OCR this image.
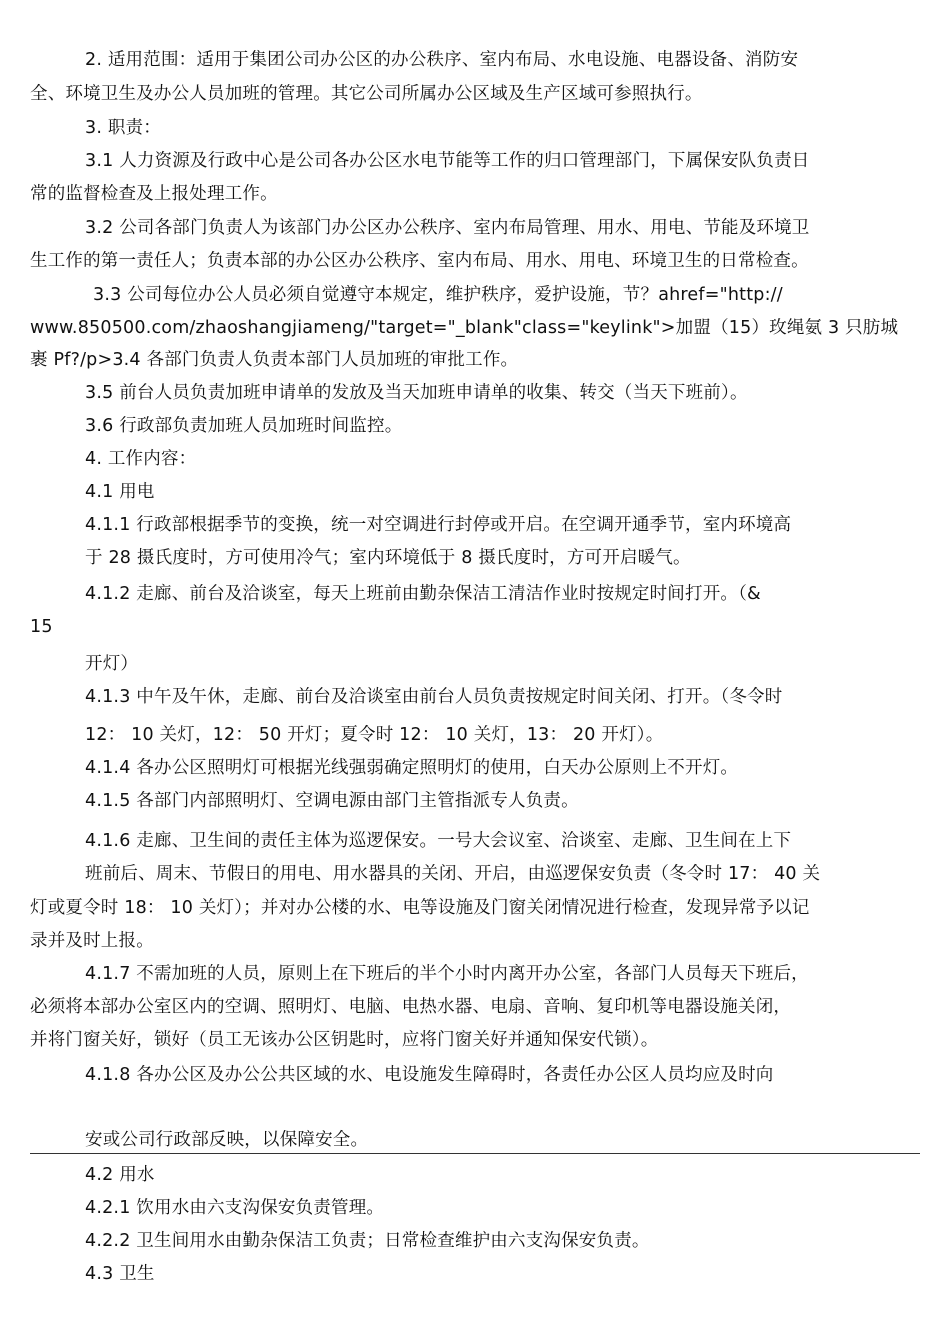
2. 适用范围：适用于集团公司办公区的办公秩序、室内布局、水电设施、电器设备、消防安
全、环境卫生及办公人员加班的管理。其它公司所属办公区域及生产区域可参照执行。
3. 职责：
3.1 人力资源及行政中心是公司各办公区水电节能等工作的归口管理部门，下属保安队负责日
常的监督检查及上报处理工作。
3.2 公司各部门负责人为该部门办公区办公秩序、室内布局管理、用水、用电、节能及环境卫
生工作的第一责任人；负责本部的办公区办公秩序、室内布局、用水、用电、环境卫生的日常检查。
3.3 公司每位办公人员必须自觉遵守本规定，维护秩序，爱护设施，节？ahref="http://
www.850500.com/zhaoshangjiameng/"target="_blank"class="keylink">加盟（15）玫绳氨 3 只肪城
裹 Pf?/p>3.4 各部门负责人负责本部门人员加班的审批工作。
3.5 前台人员负责加班申请单的发放及当天加班申请单的收集、转交（当天下班前）。
3.6 行政部负责加班人员加班时间监控。
4. 工作内容：
4.1 用电
4.1.1 行政部根据季节的变换，统一对空调进行封停或开启。在空调开通季节，室内环境高
于 28 摄氏度时，方可使用冷气；室内环境低于 8 摄氏度时，方可开启暖气。
4.1.2 走廊、前台及洽谈室，每天上班前由勤杂保洁工清洁作业时按规定时间打开。（&
15
开灯）
4.1.3 中午及午休，走廊、前台及洽谈室由前台人员负责按规定时间关闭、打开。（冬令时
12： 10 关灯，12： 50 开灯；夏令时 12： 10 关灯，13： 20 开灯）。
4.1.4 各办公区照明灯可根据光线强弱确定照明灯的使用，白天办公原则上不开灯。
4.1.5 各部门内部照明灯、空调电源由部门主管指派专人负责。
4.1.6 走廊、卫生间的责任主体为巡逻保安。一号大会议室、洽谈室、走廊、卫生间在上下
班前后、周末、节假日的用电、用水器具的关闭、开启，由巡逻保安负责（冬令时 17： 40 关
灯或夏令时 18： 10 关灯）；并对办公楼的水、电等设施及门窗关闭情况进行检查，发现异常予以记
录并及时上报。
4.1.7 不需加班的人员，原则上在下班后的半个小时内离开办公室，各部门人员每天下班后，
必须将本部办公室区内的空调、照明灯、电脑、电热水器、电扇、音响、复印机等电器设施关闭，
并将门窗关好，锁好（员工无该办公区钥匙时，应将门窗关好并通知保安代锁）。
4.1.8 各办公区及办公公共区域的水、电设施发生障碍时，各责任办公区人员均应及时向
安或公司行政部反映，以保障安全。
4.2 用水
4.2.1 饮用水由六支沟保安负责管理。
4.2.2 卫生间用水由勤杂保洁工负责；日常检查维护由六支沟保安负责。
4.3 卫生
